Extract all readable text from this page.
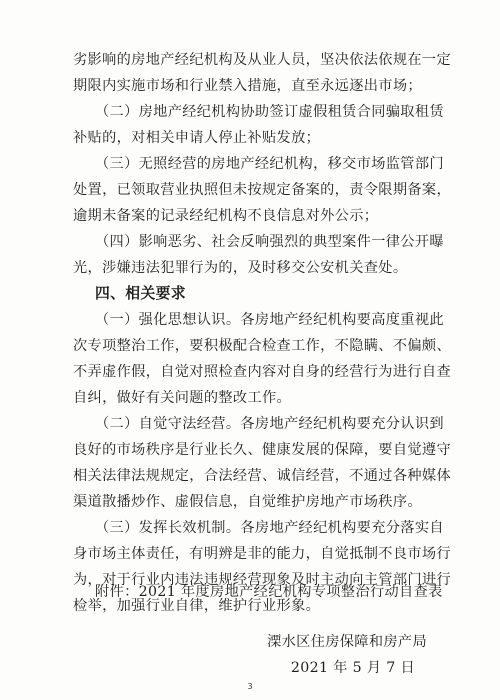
劣影响的房地产经纪机构及从业人员，坚决依法依规在一定
期限内实施市场和行业禁入措施，直至永远逐出市场；
（二）房地产经纪机构协助签订虚假租赁合同骗取租赁
补贴的，对相关申请人停止补贴发放；
（三）无照经营的房地产经纪机构，移交市场监管部门
处置，已领取营业执照但未按规定备案的，责令限期备案，
逾期未备案的记录经纪机构不良信息对外公示；
（四）影响恶劣、社会反响强烈的典型案件一律公开曝
光，涉嫌违法犯罪行为的，及时移交公安机关查处。
四、相关要求
（一）强化思想认识。各房地产经纪机构要高度重视此
次专项整治工作，要积极配合检查工作，不隐瞒、不偏颇、
不弄虚作假，自觉对照检查内容对自身的经营行为进行自查
自纠，做好有关问题的整改工作。
（二）自觉守法经营。各房地产经纪机构要充分认识到
良好的市场秩序是行业长久、健康发展的保障，要自觉遵守
相关法律法规规定，合法经营、诚信经营，不通过各种媒体
渠道散播炒作、虚假信息，自觉维护房地产市场秩序。
（三）发挥长效机制。各房地产经纪机构要充分落实自
身市场主体责任，有明辨是非的能力，自觉抵制不良市场行
为，对于行业内违法违规经营现象及时主动向主管部门进行
检举，加强行业自律，维护行业形象。
附件：2021 年度房地产经纪机构专项整治行动自查表
溧水区住房保障和房产局
2021 年 5 月 7 日
3
